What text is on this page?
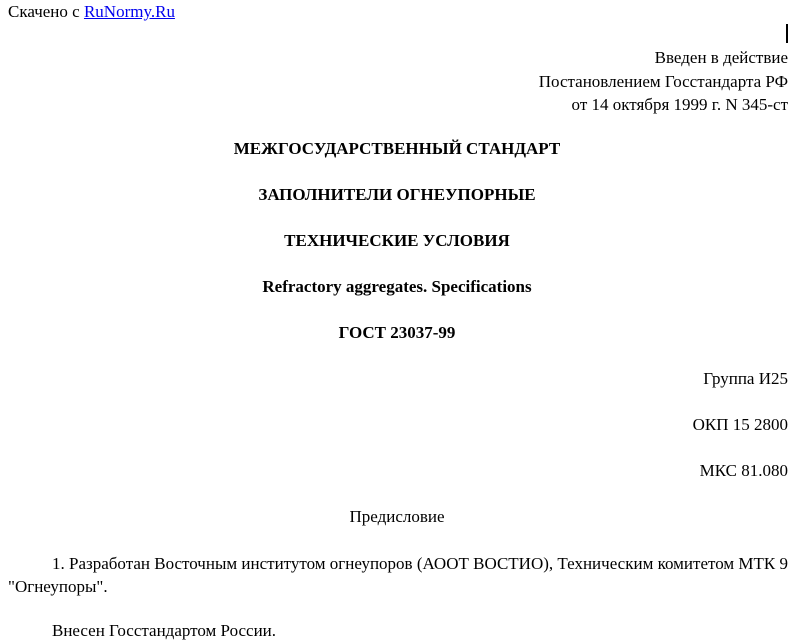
Скачено с RuNormy.Ru
Введен в действие
Постановлением Госстандарта РФ
от 14 октября 1999 г. N 345-ст
МЕЖГОСУДАРСТВЕННЫЙ СТАНДАРТ
ЗАПОЛНИТЕЛИ ОГНЕУПОРНЫЕ
ТЕХНИЧЕСКИЕ УСЛОВИЯ
Refractory aggregates. Specifications
ГОСТ 23037-99
Группа И25
ОКП 15 2800
МКС 81.080
Предисловие
1. Разработан Восточным институтом огнеупоров (АООТ ВОСТИО), Техническим комитетом МТК 9 "Огнеупоры".
Внесен Госстандартом России.
